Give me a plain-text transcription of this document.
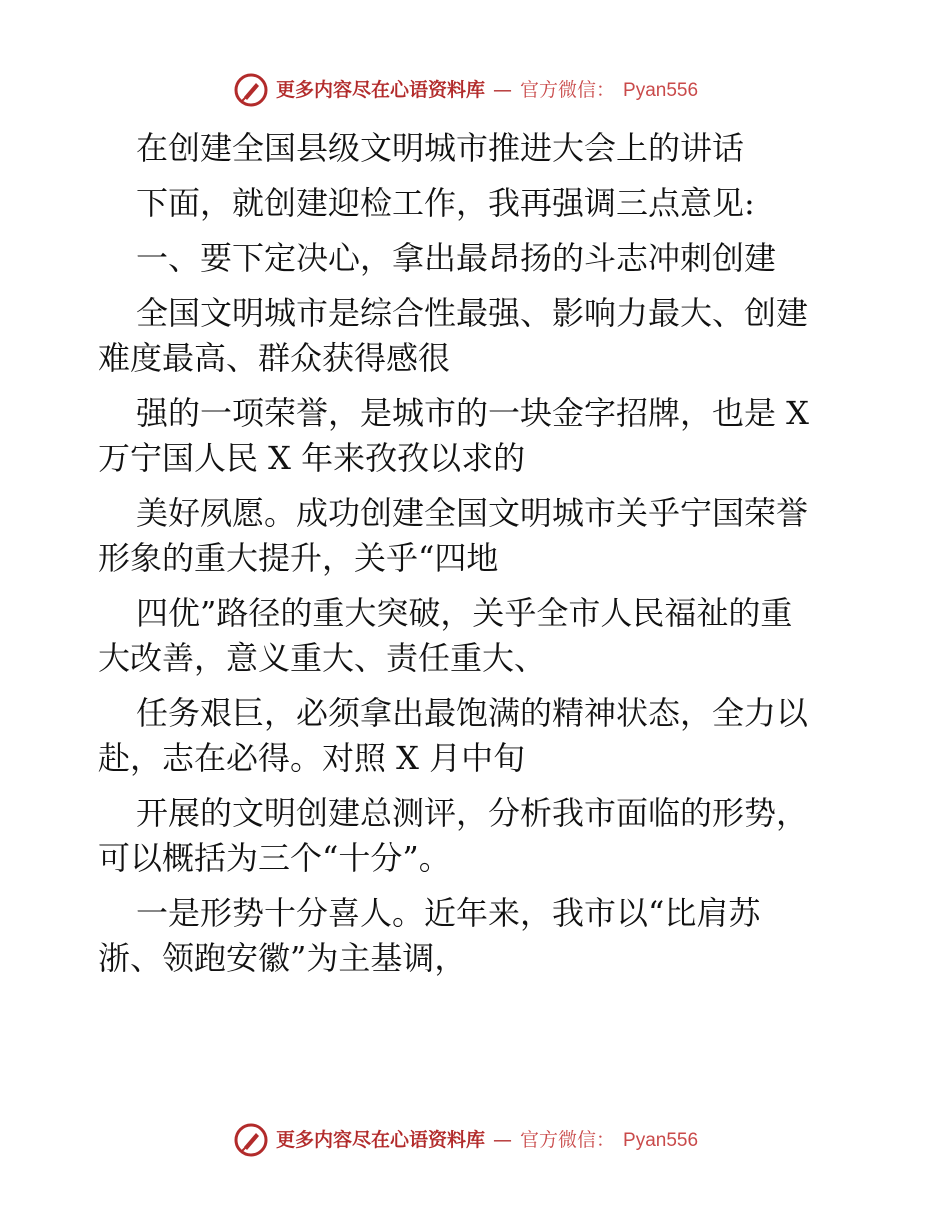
更多内容尽在心语资料库 — 官方微信： Pyan556
在创建全国县级文明城市推进大会上的讲话
下面，就创建迎检工作，我再强调三点意见:
一、要下定决心，拿出最昂扬的斗志冲刺创建
全国文明城市是综合性最强、影响力最大、创建
难度最高、群众获得感很
强的一项荣誉，是城市的一块金字招牌，也是 X
万宁国人民 X 年来孜孜以求的
美好夙愿。成功创建全国文明城市关乎宁国荣誉
形象的重大提升，关乎“四地
四优”路径的重大突破，关乎全市人民福祉的重
大改善，意义重大、责任重大、
任务艰巨，必须拿出最饱满的精神状态，全力以
赴，志在必得。对照 X 月中旬
开展的文明创建总测评，分析我市面临的形势，
可以概括为三个“十分”。
一是形势十分喜人。近年来，我市以“比肩苏
浙、领跑安徽”为主基调，
更多内容尽在心语资料库 — 官方微信： Pyan556
